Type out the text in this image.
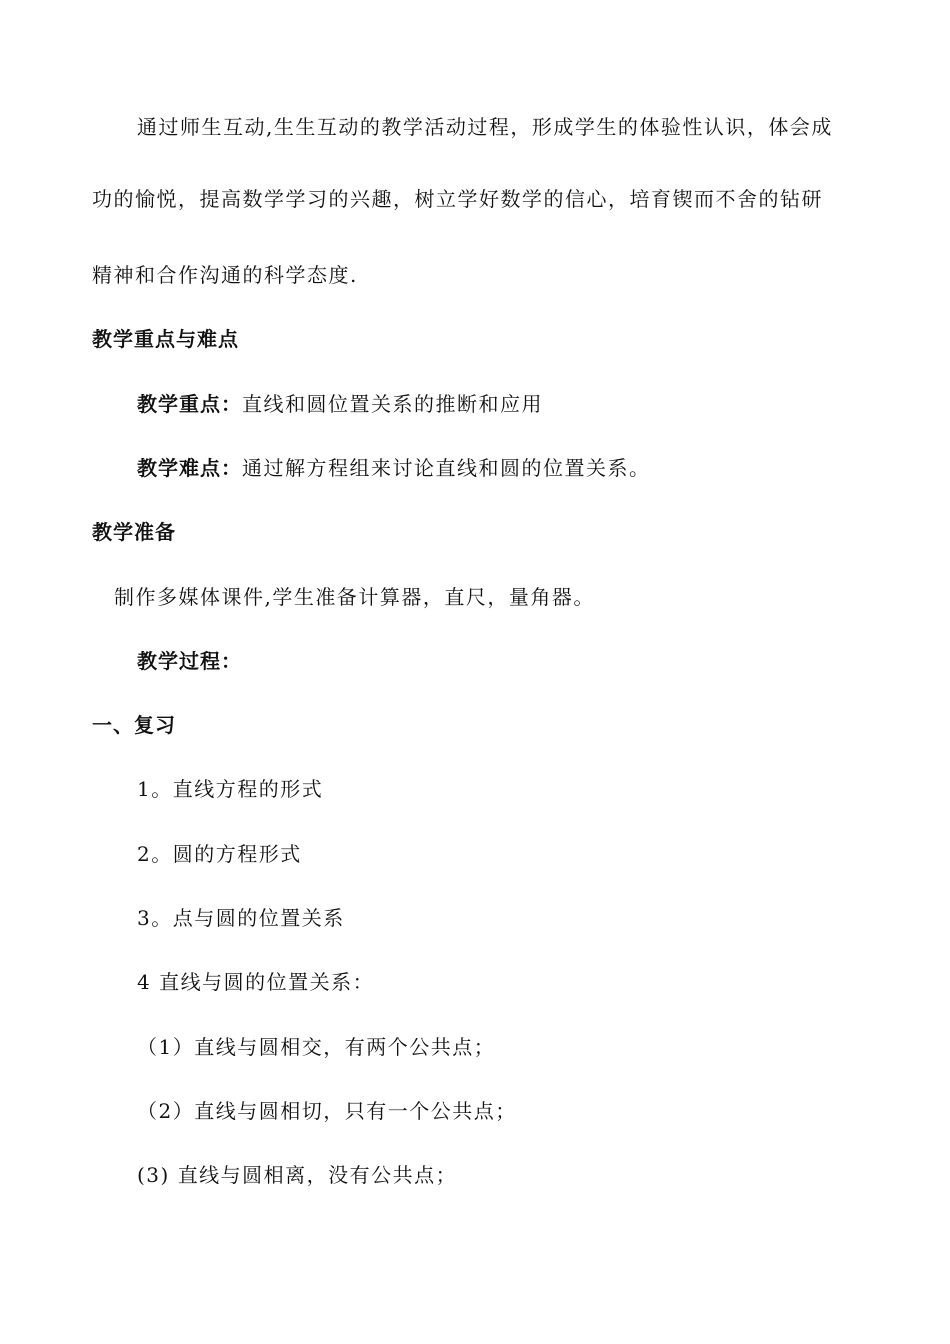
通过师生互动,生生互动的教学活动过程，形成学生的体验性认识，体会成
功的愉悦，提高数学学习的兴趣，树立学好数学的信心，培育锲而不舍的钻研
精神和合作沟通的科学态度.
教学重点与难点
教学重点：直线和圆位置关系的推断和应用
教学难点：通过解方程组来讨论直线和圆的位置关系。
教学准备
制作多媒体课件,学生准备计算器，直尺，量角器。
教学过程：
一、复习
1。直线方程的形式
2。圆的方程形式
3。点与圆的位置关系
4 直线与圆的位置关系：
（1）直线与圆相交，有两个公共点；
（2）直线与圆相切，只有一个公共点；
(3) 直线与圆相离，没有公共点；
